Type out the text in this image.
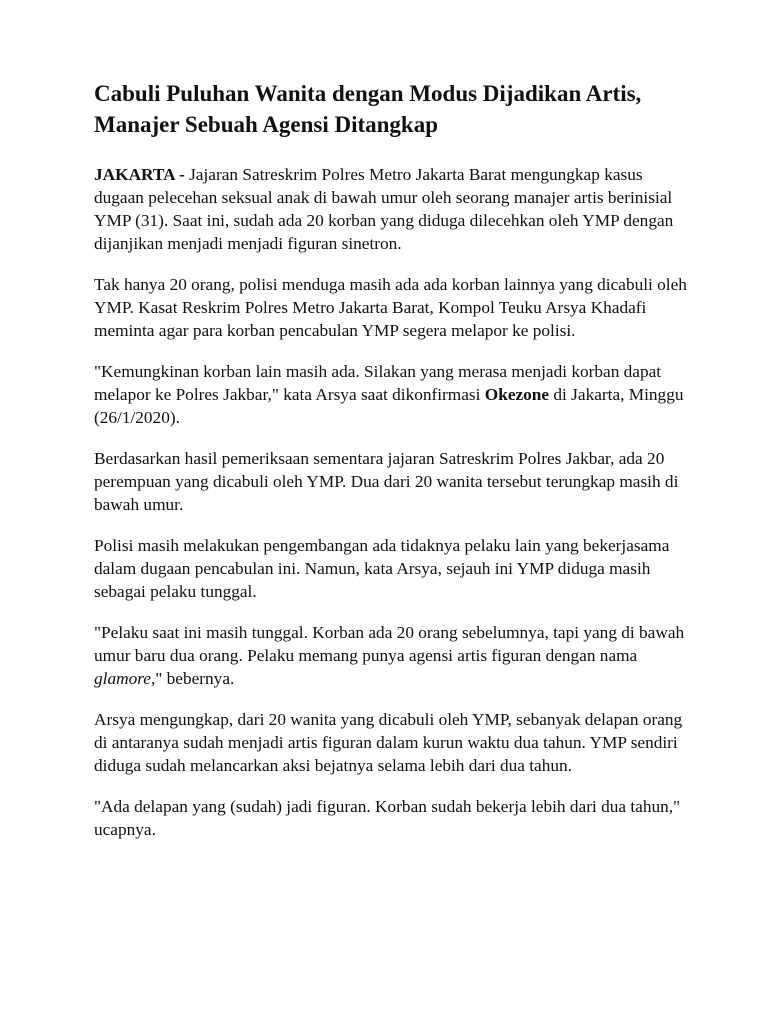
Cabuli Puluhan Wanita dengan Modus Dijadikan Artis, Manajer Sebuah Agensi Ditangkap

JAKARTA - Jajaran Satreskrim Polres Metro Jakarta Barat mengungkap kasus dugaan pelecehan seksual anak di bawah umur oleh seorang manajer artis berinisial YMP (31). Saat ini, sudah ada 20 korban yang diduga dilecehkan oleh YMP dengan dijanjikan menjadi menjadi figuran sinetron.

Tak hanya 20 orang, polisi menduga masih ada ada korban lainnya yang dicabuli oleh YMP. Kasat Reskrim Polres Metro Jakarta Barat, Kompol Teuku Arsya Khadafi meminta agar para korban pencabulan YMP segera melapor ke polisi.

"Kemungkinan korban lain masih ada. Silakan yang merasa menjadi korban dapat melapor ke Polres Jakbar," kata Arsya saat dikonfirmasi Okezone di Jakarta, Minggu (26/1/2020).

Berdasarkan hasil pemeriksaan sementara jajaran Satreskrim Polres Jakbar, ada 20 perempuan yang dicabuli oleh YMP. Dua dari 20 wanita tersebut terungkap masih di bawah umur.

Polisi masih melakukan pengembangan ada tidaknya pelaku lain yang bekerjasama dalam dugaan pencabulan ini. Namun, kata Arsya, sejauh ini YMP diduga masih sebagai pelaku tunggal.

"Pelaku saat ini masih tunggal. Korban ada 20 orang sebelumnya, tapi yang di bawah umur baru dua orang. Pelaku memang punya agensi artis figuran dengan nama glamore," bebernya.

Arsya mengungkap, dari 20 wanita yang dicabuli oleh YMP, sebanyak delapan orang di antaranya sudah menjadi artis figuran dalam kurun waktu dua tahun. YMP sendiri diduga sudah melancarkan aksi bejatnya selama lebih dari dua tahun.

"Ada delapan yang (sudah) jadi figuran. Korban sudah bekerja lebih dari dua tahun," ucapnya.
